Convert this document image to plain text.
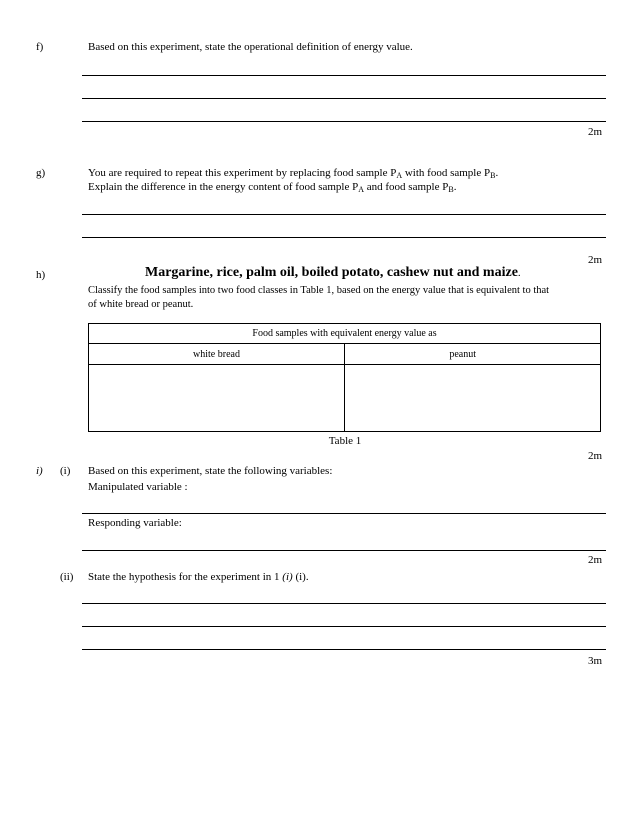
f)	Based on this experiment, state the operational definition of energy value.
2m
g)	You are required to repeat this experiment by replacing food sample $P_A$ with food sample $P_B$.
Explain the difference in the energy content of food sample $P_A$ and food sample $P_B$.
2m
h)	Margarine, rice, palm oil, boiled potato, cashew nut and maize.
Classify the food samples into two food classes in Table 1, based on the energy value that is equivalent to that
of white bread or peanut.
Food samples with equivalent energy value as	
white bread	peanut

Table 1
2m
i) (i) Based on this experiment, state the following variables:
Manipulated variable :
Responding variable:
2m
(ii) State the hypothesis for the experiment in 1 (i) (i).
3m
